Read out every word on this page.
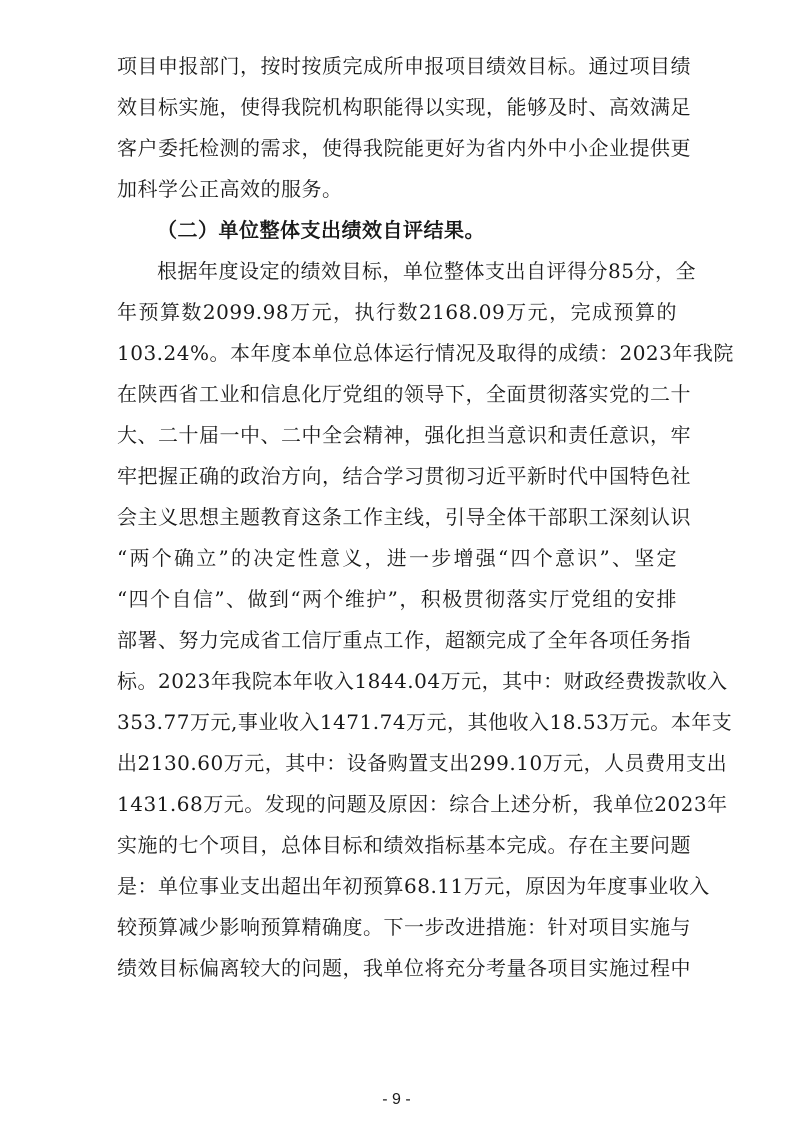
项目申报部门，按时按质完成所申报项目绩效目标。通过项目绩
效目标实施，使得我院机构职能得以实现，能够及时、高效满足
客户委托检测的需求，使得我院能更好为省内外中小企业提供更
加科学公正高效的服务。
（二）单位整体支出绩效自评结果。
根据年度设定的绩效目标，单位整体支出自评得分85分，全
年预算数2099.98万元，执行数2168.09万元，完成预算的
103.24%。本年度本单位总体运行情况及取得的成绩：2023年我院
在陕西省工业和信息化厅党组的领导下，全面贯彻落实党的二十
大、二十届一中、二中全会精神，强化担当意识和责任意识，牢
牢把握正确的政治方向，结合学习贯彻习近平新时代中国特色社
会主义思想主题教育这条工作主线，引导全体干部职工深刻认识
“两个确立”的决定性意义，进一步增强“四个意识”、坚定
“四个自信”、做到“两个维护”，积极贯彻落实厅党组的安排
部署、努力完成省工信厅重点工作，超额完成了全年各项任务指
标。2023年我院本年收入1844.04万元，其中：财政经费拨款收入
353.77万元,事业收入1471.74万元，其他收入18.53万元。本年支
出2130.60万元，其中：设备购置支出299.10万元，人员费用支出
1431.68万元。发现的问题及原因：综合上述分析，我单位2023年
实施的七个项目，总体目标和绩效指标基本完成。存在主要问题
是：单位事业支出超出年初预算68.11万元，原因为年度事业收入
较预算减少影响预算精确度。下一步改进措施：针对项目实施与
绩效目标偏离较大的问题，我单位将充分考量各项目实施过程中
- 9 -
